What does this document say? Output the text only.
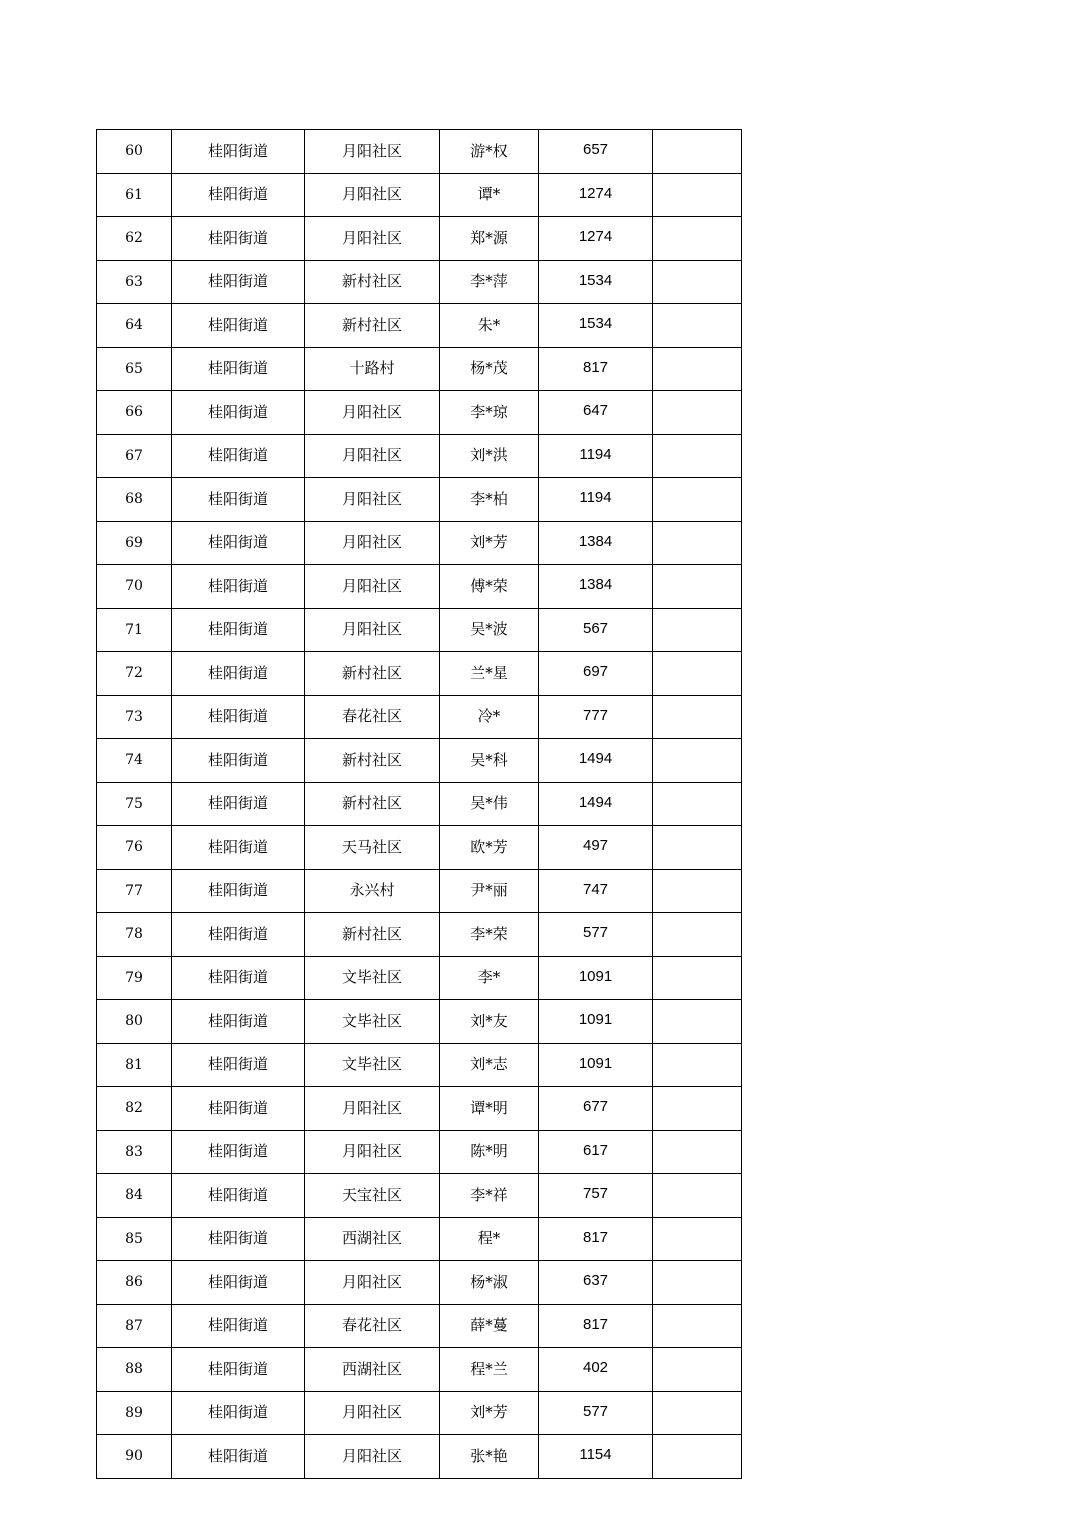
60	桂阳街道	月阳社区	游*权	657	
61	桂阳街道	月阳社区	谭*	1274	
62	桂阳街道	月阳社区	郑*源	1274	
63	桂阳街道	新村社区	李*萍	1534	
64	桂阳街道	新村社区	朱*	1534	
65	桂阳街道	十路村	杨*茂	817	
66	桂阳街道	月阳社区	李*琼	647	
67	桂阳街道	月阳社区	刘*洪	1194	
68	桂阳街道	月阳社区	李*柏	1194	
69	桂阳街道	月阳社区	刘*芳	1384	
70	桂阳街道	月阳社区	傅*荣	1384	
71	桂阳街道	月阳社区	吴*波	567	
72	桂阳街道	新村社区	兰*星	697	
73	桂阳街道	春花社区	冷*	777	
74	桂阳街道	新村社区	吴*科	1494	
75	桂阳街道	新村社区	吴*伟	1494	
76	桂阳街道	天马社区	欧*芳	497	
77	桂阳街道	永兴村	尹*丽	747	
78	桂阳街道	新村社区	李*荣	577	
79	桂阳街道	文毕社区	李*	1091	
80	桂阳街道	文毕社区	刘*友	1091	
81	桂阳街道	文毕社区	刘*志	1091	
82	桂阳街道	月阳社区	谭*明	677	
83	桂阳街道	月阳社区	陈*明	617	
84	桂阳街道	天宝社区	李*祥	757	
85	桂阳街道	西湖社区	程*	817	
86	桂阳街道	月阳社区	杨*淑	637	
87	桂阳街道	春花社区	薛*蔓	817	
88	桂阳街道	西湖社区	程*兰	402	
89	桂阳街道	月阳社区	刘*芳	577	
90	桂阳街道	月阳社区	张*艳	1154	
